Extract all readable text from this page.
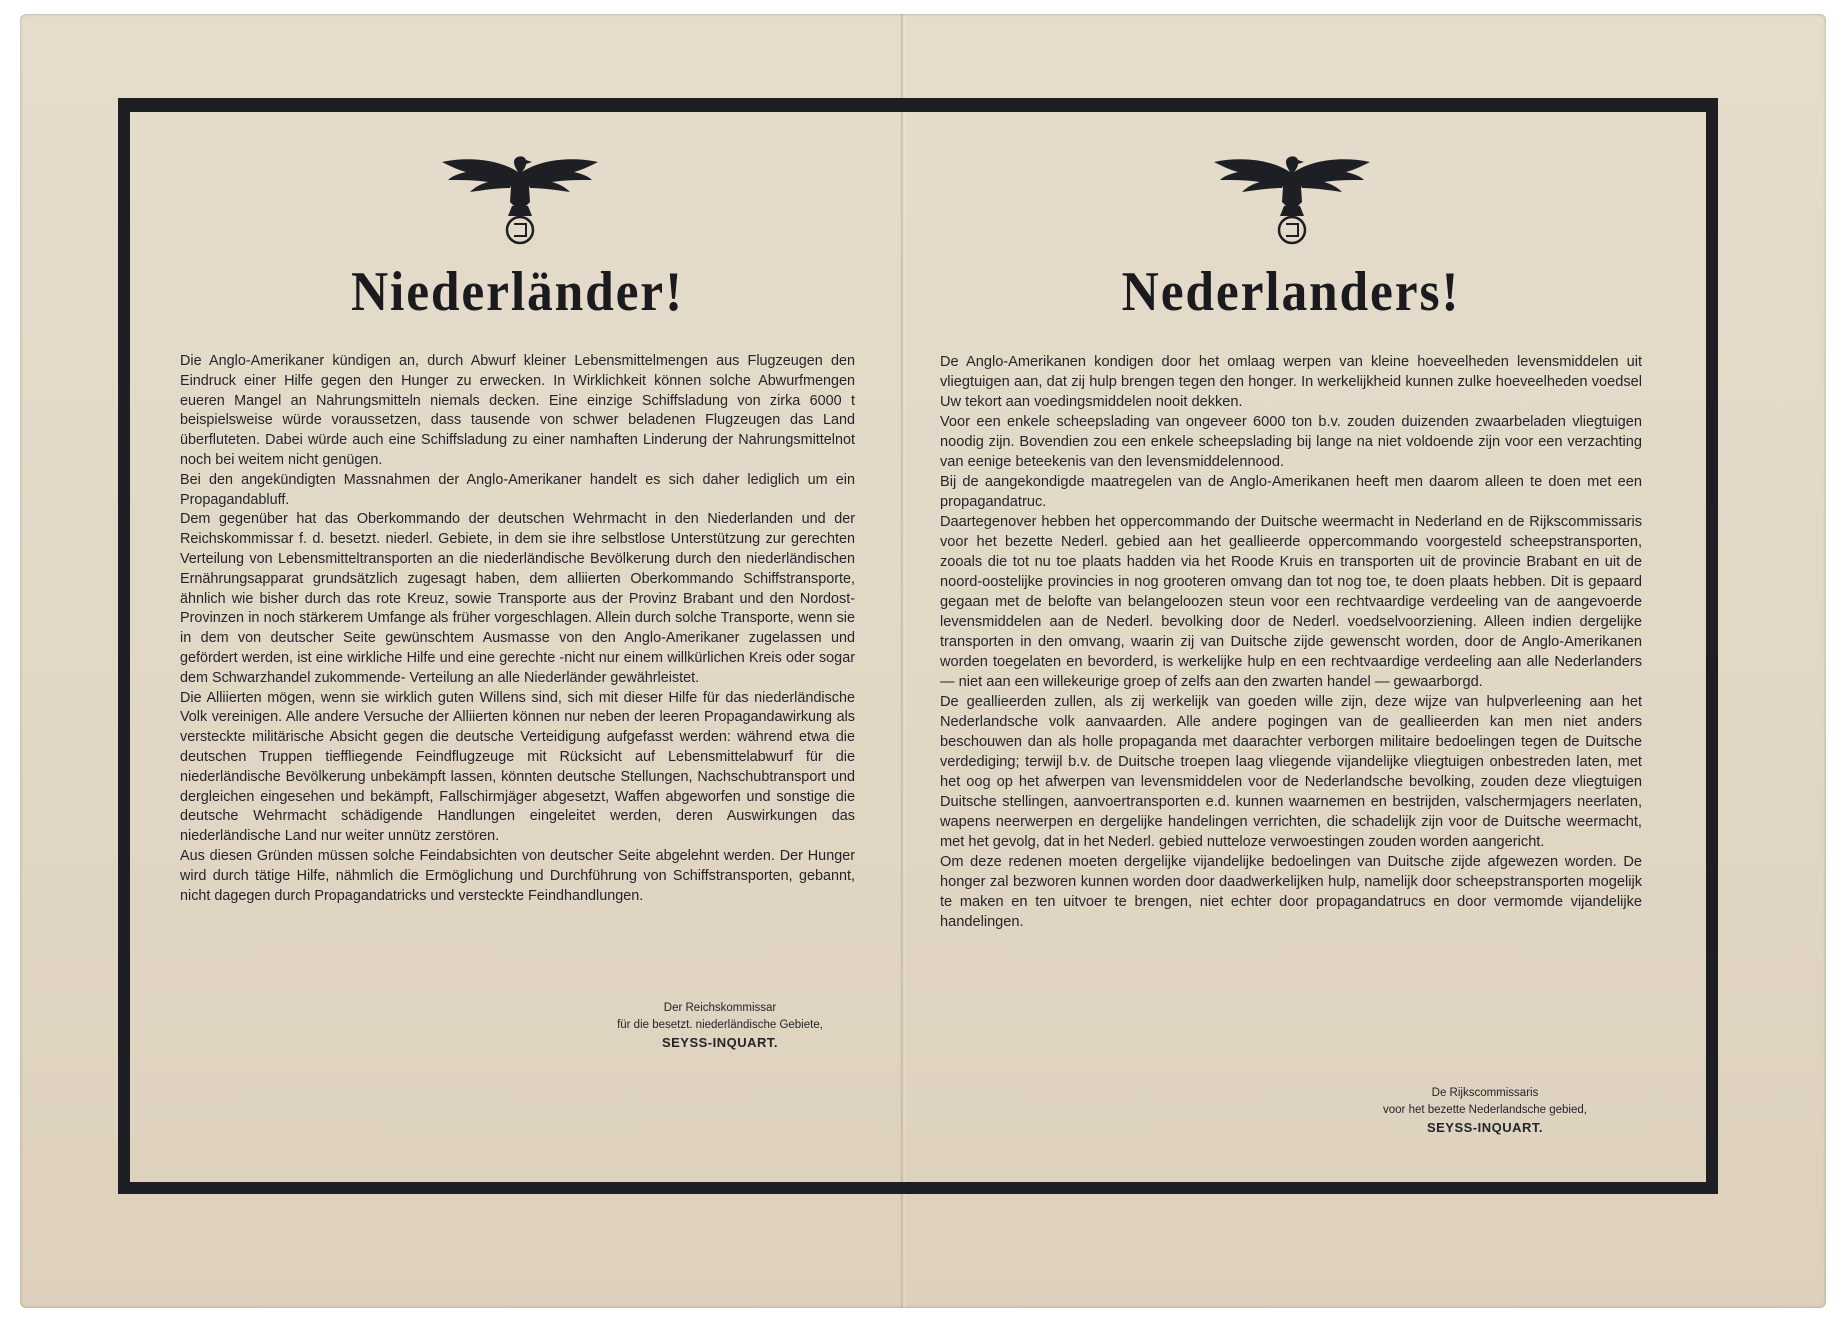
Niederländer!

Die Anglo-Amerikaner kündigen an, durch Abwurf kleiner Lebensmittelmengen aus Flugzeugen den Eindruck einer Hilfe gegen den Hunger zu erwecken. In Wirklichkeit können solche Abwurfmengen eueren Mangel an Nahrungsmitteln niemals decken. Eine einzige Schiffsladung von zirka 6000 t beispielsweise würde voraussetzen, dass tausende von schwer beladenen Flugzeugen das Land überfluteten. Dabei würde auch eine Schiffsladung zu einer namhaften Linderung der Nahrungsmittelnot noch bei weitem nicht genügen.

Bei den angekündigten Massnahmen der Anglo-Amerikaner handelt es sich daher lediglich um ein Propagandabluff.

Dem gegenüber hat das Oberkommando der deutschen Wehrmacht in den Niederlanden und der Reichskommissar f. d. besetzt. niederl. Gebiete, in dem sie ihre selbstlose Unterstützung zur gerechten Verteilung von Lebensmitteltransporten an die niederländische Bevölkerung durch den niederländischen Ernährungsapparat grundsätzlich zugesagt haben, dem alliierten Oberkommando Schiffstransporte, ähnlich wie bisher durch das rote Kreuz, sowie Transporte aus der Provinz Brabant und den Nordost-Provinzen in noch stärkerem Umfange als früher vorgeschlagen. Allein durch solche Transporte, wenn sie in dem von deutscher Seite gewünschtem Ausmasse von den Anglo-Amerikaner zugelassen und gefördert werden, ist eine wirkliche Hilfe und eine gerechte -nicht nur einem willkürlichen Kreis oder sogar dem Schwarzhandel zukommende- Verteilung an alle Niederländer gewährleistet.

Die Alliierten mögen, wenn sie wirklich guten Willens sind, sich mit dieser Hilfe für das niederländische Volk vereinigen. Alle andere Versuche der Alliierten können nur neben der leeren Propagandawirkung als versteckte militärische Absicht gegen die deutsche Verteidigung aufgefasst werden: während etwa die deutschen Truppen tieffliegende Feindflugzeuge mit Rücksicht auf Lebensmittelabwurf für die niederländische Bevölkerung unbekämpft lassen, könnten deutsche Stellungen, Nachschubtransport und dergleichen eingesehen und bekämpft, Fallschirmjäger abgesetzt, Waffen abgeworfen und sonstige die deutsche Wehrmacht schädigende Handlungen eingeleitet werden, deren Auswirkungen das niederländische Land nur weiter unnütz zerstören.

Aus diesen Gründen müssen solche Feindabsichten von deutscher Seite abgelehnt werden. Der Hunger wird durch tätige Hilfe, nähmlich die Ermöglichung und Durchführung von Schiffstransporten, gebannt, nicht dagegen durch Propagandatricks und versteckte Feindhandlungen.

Der Reichskommissar
für die besetzt. niederländische Gebiete,
SEYSS-INQUART.
Nederlanders!

De Anglo-Amerikanen kondigen door het omlaag werpen van kleine hoeveelheden levensmiddelen uit vliegtuigen aan, dat zij hulp brengen tegen den honger. In werkelijkheid kunnen zulke hoeveelheden voedsel Uw tekort aan voedingsmiddelen nooit dekken.

Voor een enkele scheepslading van ongeveer 6000 ton b.v. zouden duizenden zwaarbeladen vliegtuigen noodig zijn. Bovendien zou een enkele scheepslading bij lange na niet voldoende zijn voor een verzachting van eenige beteekenis van den levensmiddelennood.

Bij de aangekondigde maatregelen van de Anglo-Amerikanen heeft men daarom alleen te doen met een propagandatruc.

Daartegenover hebben het oppercommando der Duitsche weermacht in Nederland en de Rijkscommissaris voor het bezette Nederl. gebied aan het geallieerde oppercommando voorgesteld scheepstransporten, zooals die tot nu toe plaats hadden via het Roode Kruis en transporten uit de provincie Brabant en uit de noord-oostelijke provincies in nog grooteren omvang dan tot nog toe, te doen plaats hebben. Dit is gepaard gegaan met de belofte van belangeloozen steun voor een rechtvaardige verdeeling van de aangevoerde levensmiddelen aan de Nederl. bevolking door de Nederl. voedselvoorziening. Alleen indien dergelijke transporten in den omvang, waarin zij van Duitsche zijde gewenscht worden, door de Anglo-Amerikanen worden toegelaten en bevorderd, is werkelijke hulp en een rechtvaardige verdeeling aan alle Nederlanders — niet aan een willekeurige groep of zelfs aan den zwarten handel — gewaarborgd.

De geallieerden zullen, als zij werkelijk van goeden wille zijn, deze wijze van hulpverleening aan het Nederlandsche volk aanvaarden. Alle andere pogingen van de geallieerden kan men niet anders beschouwen dan als holle propaganda met daarachter verborgen militaire bedoelingen tegen de Duitsche verdediging; terwijl b.v. de Duitsche troepen laag vliegende vijandelijke vliegtuigen onbestreden laten, met het oog op het afwerpen van levensmiddelen voor de Nederlandsche bevolking, zouden deze vliegtuigen Duitsche stellingen, aanvoertransporten e.d. kunnen waarnemen en bestrijden, valschermjagers neerlaten, wapens neerwerpen en dergelijke handelingen verrichten, die schadelijk zijn voor de Duitsche weermacht, met het gevolg, dat in het Nederl. gebied nutteloze verwoestingen zouden worden aangericht.

Om deze redenen moeten dergelijke vijandelijke bedoelingen van Duitsche zijde afgewezen worden. De honger zal bezworen kunnen worden door daadwerkelijken hulp, namelijk door scheepstransporten mogelijk te maken en ten uitvoer te brengen, niet echter door propagandatrucs en door vermomde vijandelijke handelingen.

De Rijkscommissaris
voor het bezette Nederlandsche gebied,
SEYSS-INQUART.
